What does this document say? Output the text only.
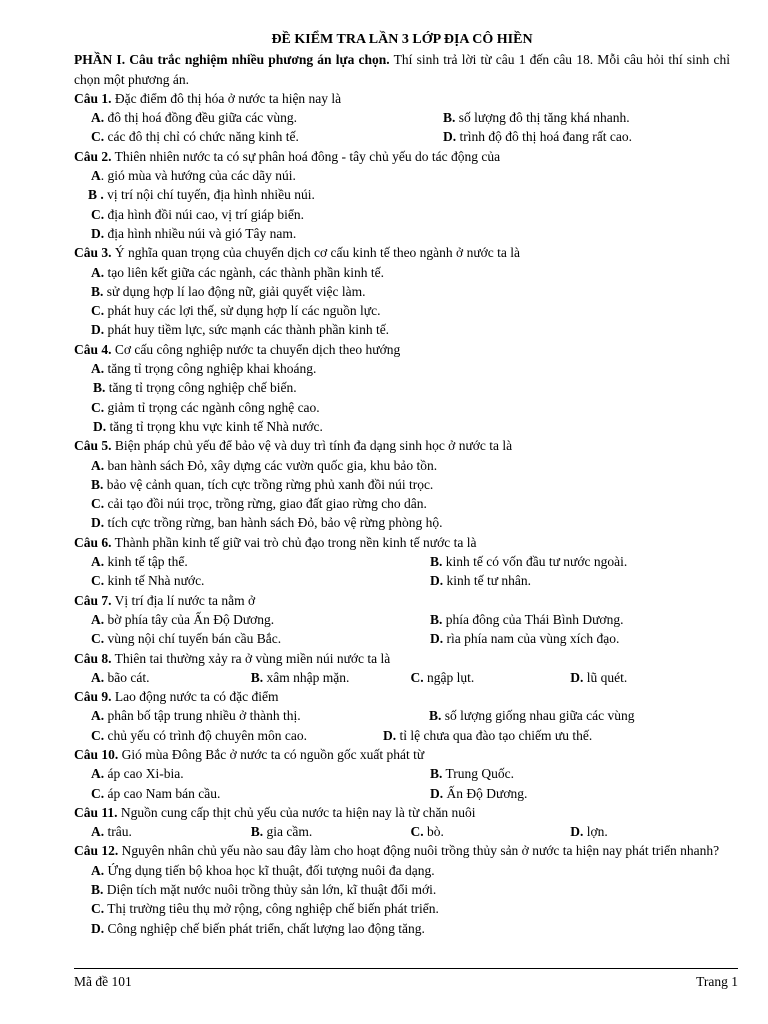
ĐỀ KIỂM TRA LẦN 3 LỚP ĐỊA CÔ HIỀN
PHẦN I. Câu trắc nghiệm nhiều phương án lựa chọn. Thí sinh trả lời từ câu 1 đến câu 18. Mỗi câu hỏi thí sinh chỉ chọn một phương án.
Câu 1. Đặc điểm đô thị hóa ở nước ta hiện nay là
A. đô thị hoá đồng đều giữa các vùng.	B. số lượng đô thị tăng khá nhanh.
C. các đô thị chỉ có chức năng kinh tế.	D. trình độ đô thị hoá đang rất cao.
Câu 2. Thiên nhiên nước ta có sự phân hoá đông - tây chủ yếu do tác động của
A. gió mùa và hướng của các dãy núi.
B . vị trí nội chí tuyến, địa hình nhiều núi.
C. địa hình đồi núi cao, vị trí giáp biển.
D. địa hình nhiều núi và gió Tây nam.
Câu 3. Ý nghĩa quan trọng của chuyển dịch cơ cấu kinh tế theo ngành ở nước ta là
A. tạo liên kết giữa các ngành, các thành phần kinh tế.
B. sử dụng hợp lí lao động nữ, giải quyết việc làm.
C. phát huy các lợi thế, sử dụng hợp lí các nguồn lực.
D. phát huy tiềm lực, sức mạnh các thành phần kinh tế.
Câu 4. Cơ cấu công nghiệp nước ta chuyển dịch theo hướng
A. tăng tỉ trọng công nghiệp khai khoáng.
B. tăng tỉ trọng công nghiệp chế biến.
C. giảm tỉ trọng các ngành công nghệ cao.
D. tăng tỉ trọng khu vực kinh tế Nhà nước.
Câu 5. Biện pháp chủ yếu để bảo vệ và duy trì tính đa dạng sinh học ở nước ta là
A. ban hành sách Đỏ, xây dựng các vườn quốc gia, khu bảo tồn.
B. bảo vệ cảnh quan, tích cực trồng rừng phủ xanh đồi núi trọc.
C. cải tạo đồi núi trọc, trồng rừng, giao đất giao rừng cho dân.
D. tích cực trồng rừng, ban hành sách Đỏ, bảo vệ rừng phòng hộ.
Câu 6. Thành phần kinh tế giữ vai trò chủ đạo trong nền kinh tế nước ta là
A. kinh tế tập thể.	B. kinh tế có vốn đầu tư nước ngoài.
C. kinh tế Nhà nước.	D. kinh tế tư nhân.
Câu 7. Vị trí địa lí nước ta nằm ở
A. bờ phía tây của Ấn Độ Dương.	B. phía đông của Thái Bình Dương.
C. vùng nội chí tuyến bán cầu Bắc.	D. rìa phía nam của vùng xích đạo.
Câu 8. Thiên tai thường xảy ra ở vùng miền núi nước ta là
A. bão cát.	B. xâm nhập mặn.	C. ngập lụt.	D. lũ quét.
Câu 9. Lao động nước ta có đặc điểm
A. phân bố tập trung nhiều ở thành thị.	B. số lượng giống nhau giữa các vùng
C. chủ yếu có trình độ chuyên môn cao.	D. tỉ lệ chưa qua đào tạo chiếm ưu thế.
Câu 10. Gió mùa Đông Bắc ở nước ta có nguồn gốc xuất phát từ
A. áp cao Xi-bia.	B. Trung Quốc.
C. áp cao Nam bán cầu.	D. Ấn Độ Dương.
Câu 11. Nguồn cung cấp thịt chủ yếu của nước ta hiện nay là từ chăn nuôi
A. trâu.	B. gia cầm.	C. bò.	D. lợn.
Câu 12. Nguyên nhân chủ yếu nào sau đây làm cho hoạt động nuôi trồng thủy sản ở nước ta hiện nay phát triển nhanh?
A. Ứng dụng tiến bộ khoa học kĩ thuật, đối tượng nuôi đa dạng.
B. Diện tích mặt nước nuôi trồng thủy sản lớn, kĩ thuật đổi mới.
C. Thị trường tiêu thụ mở rộng, công nghiệp chế biến phát triển.
D. Công nghiệp chế biến phát triển, chất lượng lao động tăng.
Mã đề 101	Trang 1
